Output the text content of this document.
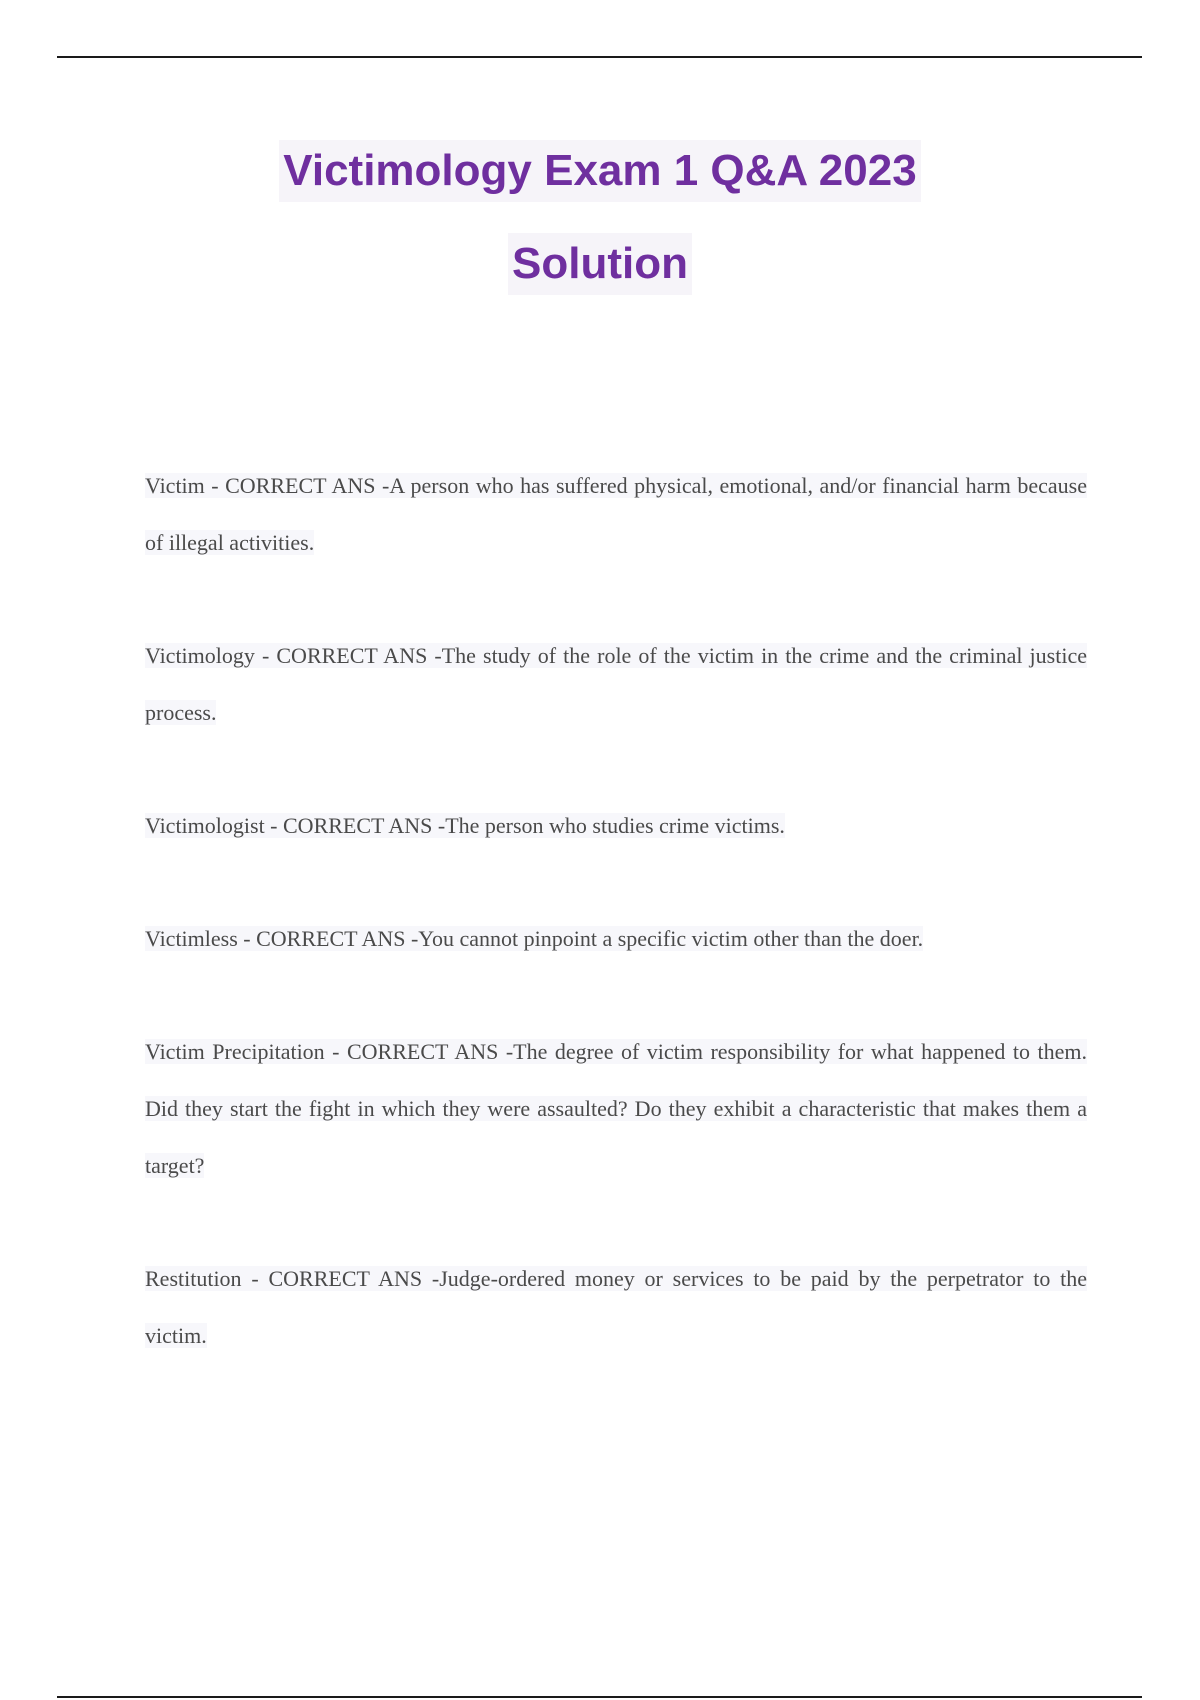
Victimology Exam 1 Q&A 2023
Solution

Victim - CORRECT ANS -A person who has suffered physical, emotional, and/or financial harm because of illegal activities.

Victimology - CORRECT ANS -The study of the role of the victim in the crime and the criminal justice process.

Victimologist - CORRECT ANS -The person who studies crime victims.

Victimless - CORRECT ANS -You cannot pinpoint a specific victim other than the doer.

Victim Precipitation - CORRECT ANS -The degree of victim responsibility for what happened to them. Did they start the fight in which they were assaulted? Do they exhibit a characteristic that makes them a target?

Restitution - CORRECT ANS -Judge-ordered money or services to be paid by the perpetrator to the victim.
